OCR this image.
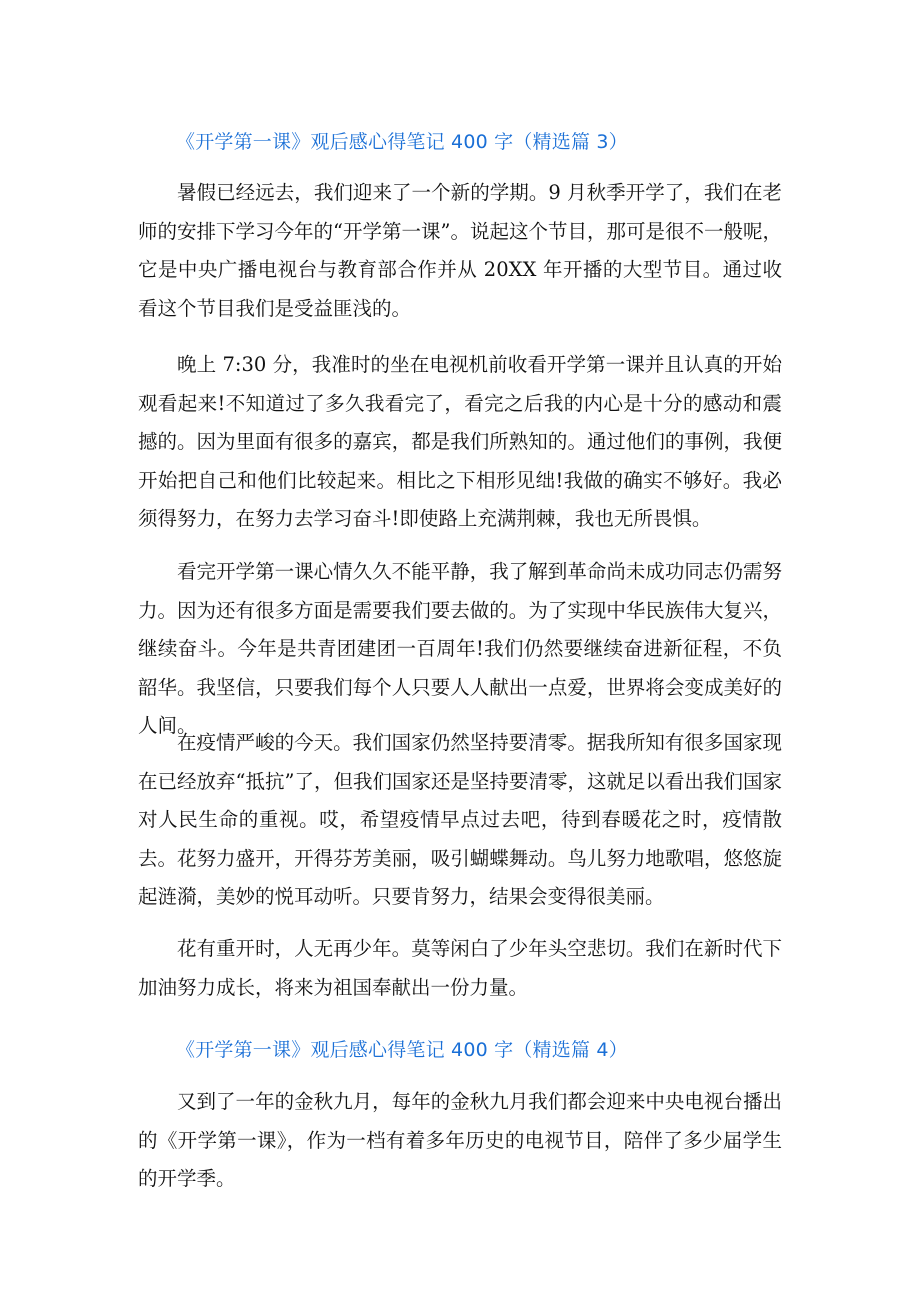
《开学第一课》观后感心得笔记 400 字（精选篇 3）

暑假已经远去，我们迎来了一个新的学期。9 月秋季开学了，我们在老师的安排下学习今年的“开学第一课”。说起这个节目，那可是很不一般呢，它是中央广播电视台与教育部合作并从 20XX 年开播的大型节目。通过收看这个节目我们是受益匪浅的。

晚上 7:30 分，我准时的坐在电视机前收看开学第一课并且认真的开始观看起来!不知道过了多久我看完了，看完之后我的内心是十分的感动和震撼的。因为里面有很多的嘉宾，都是我们所熟知的。通过他们的事例，我便开始把自己和他们比较起来。相比之下相形见绌!我做的确实不够好。我必须得努力，在努力去学习奋斗!即使路上充满荆棘，我也无所畏惧。

看完开学第一课心情久久不能平静，我了解到革命尚未成功同志仍需努力。因为还有很多方面是需要我们要去做的。为了实现中华民族伟大复兴，继续奋斗。今年是共青团建团一百周年!我们仍然要继续奋进新征程，不负韶华。我坚信，只要我们每个人只要人人献出一点爱，世界将会变成美好的人间。

在疫情严峻的今天。我们国家仍然坚持要清零。据我所知有很多国家现在已经放弃“抵抗”了，但我们国家还是坚持要清零，这就足以看出我们国家对人民生命的重视。哎，希望疫情早点过去吧，待到春暖花之时，疫情散去。花努力盛开，开得芬芳美丽，吸引蝴蝶舞动。鸟儿努力地歌唱，悠悠旋起涟漪，美妙的悦耳动听。只要肯努力，结果会变得很美丽。

花有重开时，人无再少年。莫等闲白了少年头空悲切。我们在新时代下加油努力成长，将来为祖国奉献出一份力量。

《开学第一课》观后感心得笔记 400 字（精选篇 4）

又到了一年的金秋九月，每年的金秋九月我们都会迎来中央电视台播出的《开学第一课》，作为一档有着多年历史的电视节目，陪伴了多少届学生的开学季。
